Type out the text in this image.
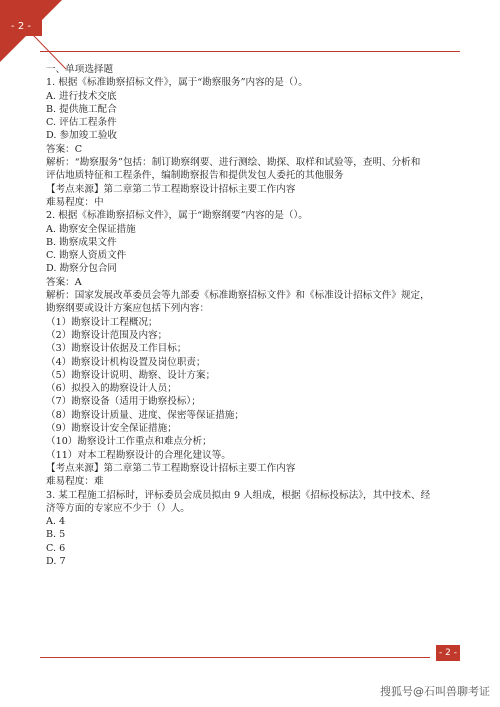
- 2 -
一、单项选择题
1. 根据《标准勘察招标文件》，属于“勘察服务”内容的是（）。
A. 进行技术交底
B. 提供施工配合
C. 评估工程条件
D. 参加竣工验收
答案：C
解析：“勘察服务”包括：制订勘察纲要、进行测绘、勘探、取样和试验等，查明、分析和
评估地质特征和工程条件，编制勘察报告和提供发包人委托的其他服务
【考点来源】第二章第二节工程勘察设计招标主要工作内容
难易程度：中
2. 根据《标准勘察招标文件》，属于“勘察纲要”内容的是（）。
A. 勘察安全保证措施
B. 勘察成果文件
C. 勘察人资质文件
D. 勘察分包合同
答案：A
解析：国家发展改革委员会等九部委《标准勘察招标文件》和《标准设计招标文件》规定，
勘察纲要或设计方案应包括下列内容：
（1）勘察设计工程概况；
（2）勘察设计范围及内容；
（3）勘察设计依据及工作目标；
（4）勘察设计机构设置及岗位职责；
（5）勘察设计说明、勘察、设计方案；
（6）拟投入的勘察设计人员；
（7）勘察设备（适用于勘察投标）；
（8）勘察设计质量、进度、保密等保证措施；
（9）勘察设计安全保证措施；
（10）勘察设计工作重点和难点分析；
（11）对本工程勘察设计的合理化建议等。
【考点来源】第二章第二节工程勘察设计招标主要工作内容
难易程度：难
3. 某工程施工招标时，评标委员会成员拟由 9 人组成，根据《招标投标法》，其中技术、经
济等方面的专家应不少于（）人。
A. 4
B. 5
C. 6
D. 7
- 2 -
搜狐号@石叫兽聊考证
